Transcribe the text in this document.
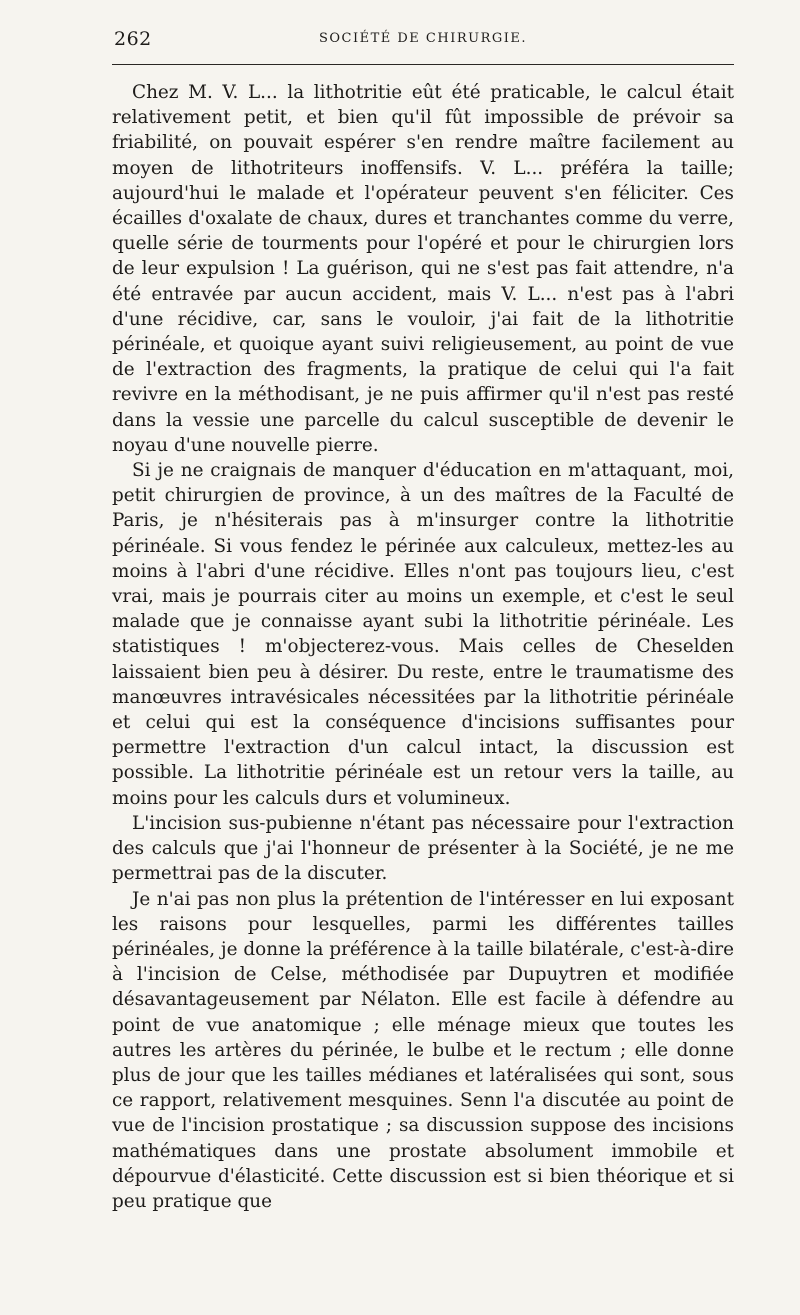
262	SOCIÉTÉ DE CHIRURGIE.

Chez M. V. L... la lithotritie eût été praticable, le calcul était relativement petit, et bien qu'il fût impossible de prévoir sa friabilité, on pouvait espérer s'en rendre maître facilement au moyen de lithotriteurs inoffensifs. V. L... préféra la taille; aujourd'hui le malade et l'opérateur peuvent s'en féliciter. Ces écailles d'oxalate de chaux, dures et tranchantes comme du verre, quelle série de tourments pour l'opéré et pour le chirurgien lors de leur expulsion ! La guérison, qui ne s'est pas fait attendre, n'a été entravée par aucun accident, mais V. L... n'est pas à l'abri d'une récidive, car, sans le vouloir, j'ai fait de la lithotritie périnéale, et quoique ayant suivi religieusement, au point de vue de l'extraction des fragments, la pratique de celui qui l'a fait revivre en la méthodisant, je ne puis affirmer qu'il n'est pas resté dans la vessie une parcelle du calcul susceptible de devenir le noyau d'une nouvelle pierre.

Si je ne craignais de manquer d'éducation en m'attaquant, moi, petit chirurgien de province, à un des maîtres de la Faculté de Paris, je n'hésiterais pas à m'insurger contre la lithotritie périnéale. Si vous fendez le périnée aux calculeux, mettez-les au moins à l'abri d'une récidive. Elles n'ont pas toujours lieu, c'est vrai, mais je pourrais citer au moins un exemple, et c'est le seul malade que je connaisse ayant subi la lithotritie périnéale. Les statistiques ! m'objecterez-vous. Mais celles de Cheselden laissaient bien peu à désirer. Du reste, entre le traumatisme des manœuvres intravésicales nécessitées par la lithotritie périnéale et celui qui est la conséquence d'incisions suffisantes pour permettre l'extraction d'un calcul intact, la discussion est possible. La lithotritie périnéale est un retour vers la taille, au moins pour les calculs durs et volumineux.

L'incision sus-pubienne n'étant pas nécessaire pour l'extraction des calculs que j'ai l'honneur de présenter à la Société, je ne me permettrai pas de la discuter.

Je n'ai pas non plus la prétention de l'intéresser en lui exposant les raisons pour lesquelles, parmi les différentes tailles périnéales, je donne la préférence à la taille bilatérale, c'est-à-dire à l'incision de Celse, méthodisée par Dupuytren et modifiée désavantageusement par Nélaton. Elle est facile à défendre au point de vue anatomique ; elle ménage mieux que toutes les autres les artères du périnée, le bulbe et le rectum ; elle donne plus de jour que les tailles médianes et latéralisées qui sont, sous ce rapport, relativement mesquines. Senn l'a discutée au point de vue de l'incision prostatique ; sa discussion suppose des incisions mathématiques dans une prostate absolument immobile et dépourvue d'élasticité. Cette discussion est si bien théorique et si peu pratique que
